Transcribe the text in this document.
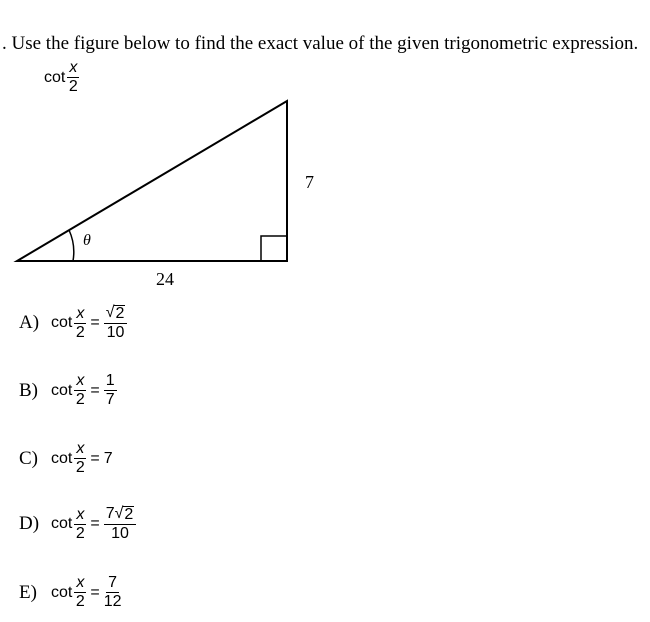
. Use the figure below to find the exact value of the given trigonometric expression.
$\cot \frac{x}{2}$
7
24
θ
A) $\cot \frac{x}{2} = \frac{√ 2}{10}$
B) $\cot \frac{x}{2} = \frac{1}{7}$
C) $\cot \frac{x}{2} = 7$
D) $\cot \frac{x}{2} = \frac{7 √ 2}{10}$
E) $\cot \frac{x}{2} = \frac{7}{12}$
